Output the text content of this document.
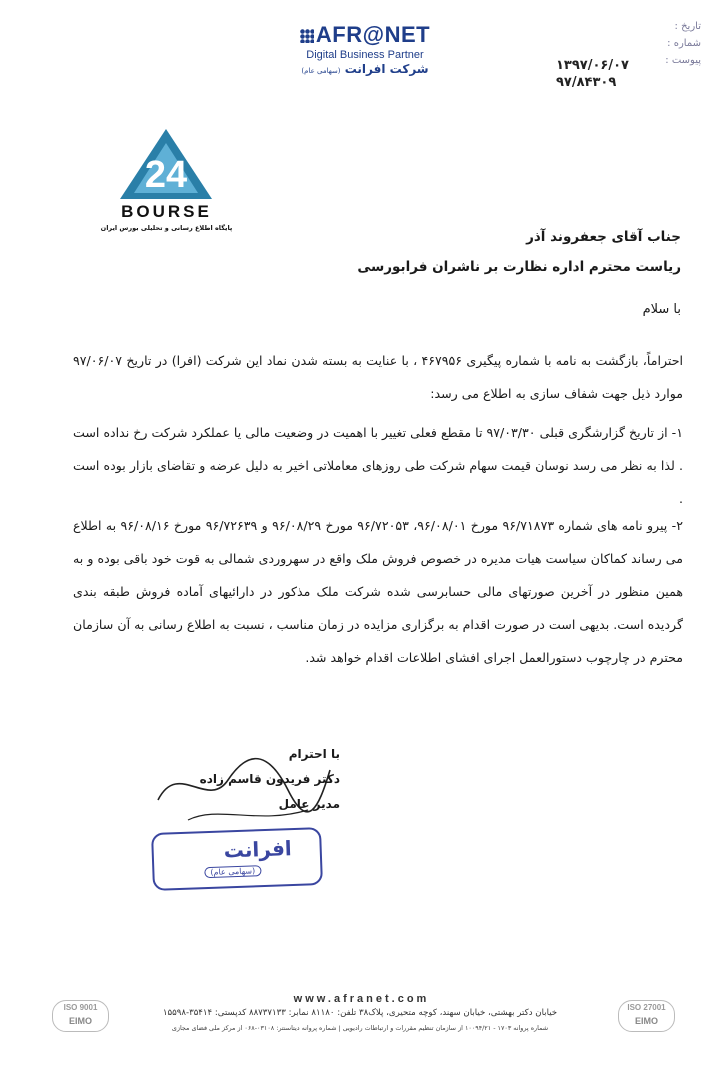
AFR@NET
Digital Business Partner
شرکت افرانت (سهامی عام)
تاریخ :
شماره :
پیوست :
۱۳۹۷/۰۶/۰۷
۹۷/۸۴۳۰۹
24
BOURSE
پایگاه اطلاع رسانی و تحلیلی بورس ایران
جناب آقای جعفروند آذر
ریاست محترم اداره نظارت بر ناشران فرابورسی
با سلام
احتراماً، بازگشت به نامه با شماره پیگیری ۴۶۷۹۵۶ ، با عنایت به بسته شدن نماد این شرکت (افرا) در تاریخ ۹۷/۰۶/۰۷ موارد ذیل جهت شفاف سازی به اطلاع می رسد:
۱- از تاریخ گزارشگری قبلی ۹۷/۰۳/۳۰ تا مقطع فعلی تغییر با اهمیت در وضعیت مالی یا عملکرد شرکت رخ نداده است . لذا به نظر می رسد نوسان قیمت سهام شرکت طی روزهای معاملاتی اخیر به دلیل عرضه و تقاضای بازار بوده است .
۲- پیرو نامه های شماره ۹۶/۷۱۸۷۳ مورخ ۹۶/۰۸/۰۱، ۹۶/۷۲۰۵۳ مورخ ۹۶/۰۸/۲۹ و ۹۶/۷۲۶۳۹ مورخ ۹۶/۰۸/۱۶ به اطلاع می رساند کماکان سیاست هیات مدیره در خصوص فروش ملک واقع در سهروردی شمالی به قوت خود باقی بوده و به همین منظور در آخرین صورتهای مالی حسابرسی شده شرکت ملک مذکور در دارائیهای آماده فروش طبقه بندی گردیده است. بدیهی است در صورت اقدام به برگزاری مزایده در زمان مناسب ، نسبت به اطلاع رسانی به آن سازمان محترم در چارچوب دستورالعمل اجرای افشای اطلاعات اقدام خواهد شد.
با احترام
دکتر فریدون قاسم زاده
مدیر عامل
افرانت
(سهامی عام)
ISO 9001
EIMO
ISO 27001
EIMO
www.afranet.com
خیابان دکتر بهشتی، خیابان سهند، کوچه متحیری، پلاک۳۸ تلفن: ۸۱۱۸۰ نمابر: ۸۸۷۳۷۱۳۳ کدپستی: ۳۵۴۱۴-۱۵۵۹۸
شماره پروانه ۱۷۰۳ - ۱۰۰۹۴/۲۱ از سازمان تنظیم مقررات و ارتباطات رادیویی | شماره پروانه دیتاسنتر: ۰۳۱۰۸-۰۶۸ از مرکز ملی فضای مجازی
